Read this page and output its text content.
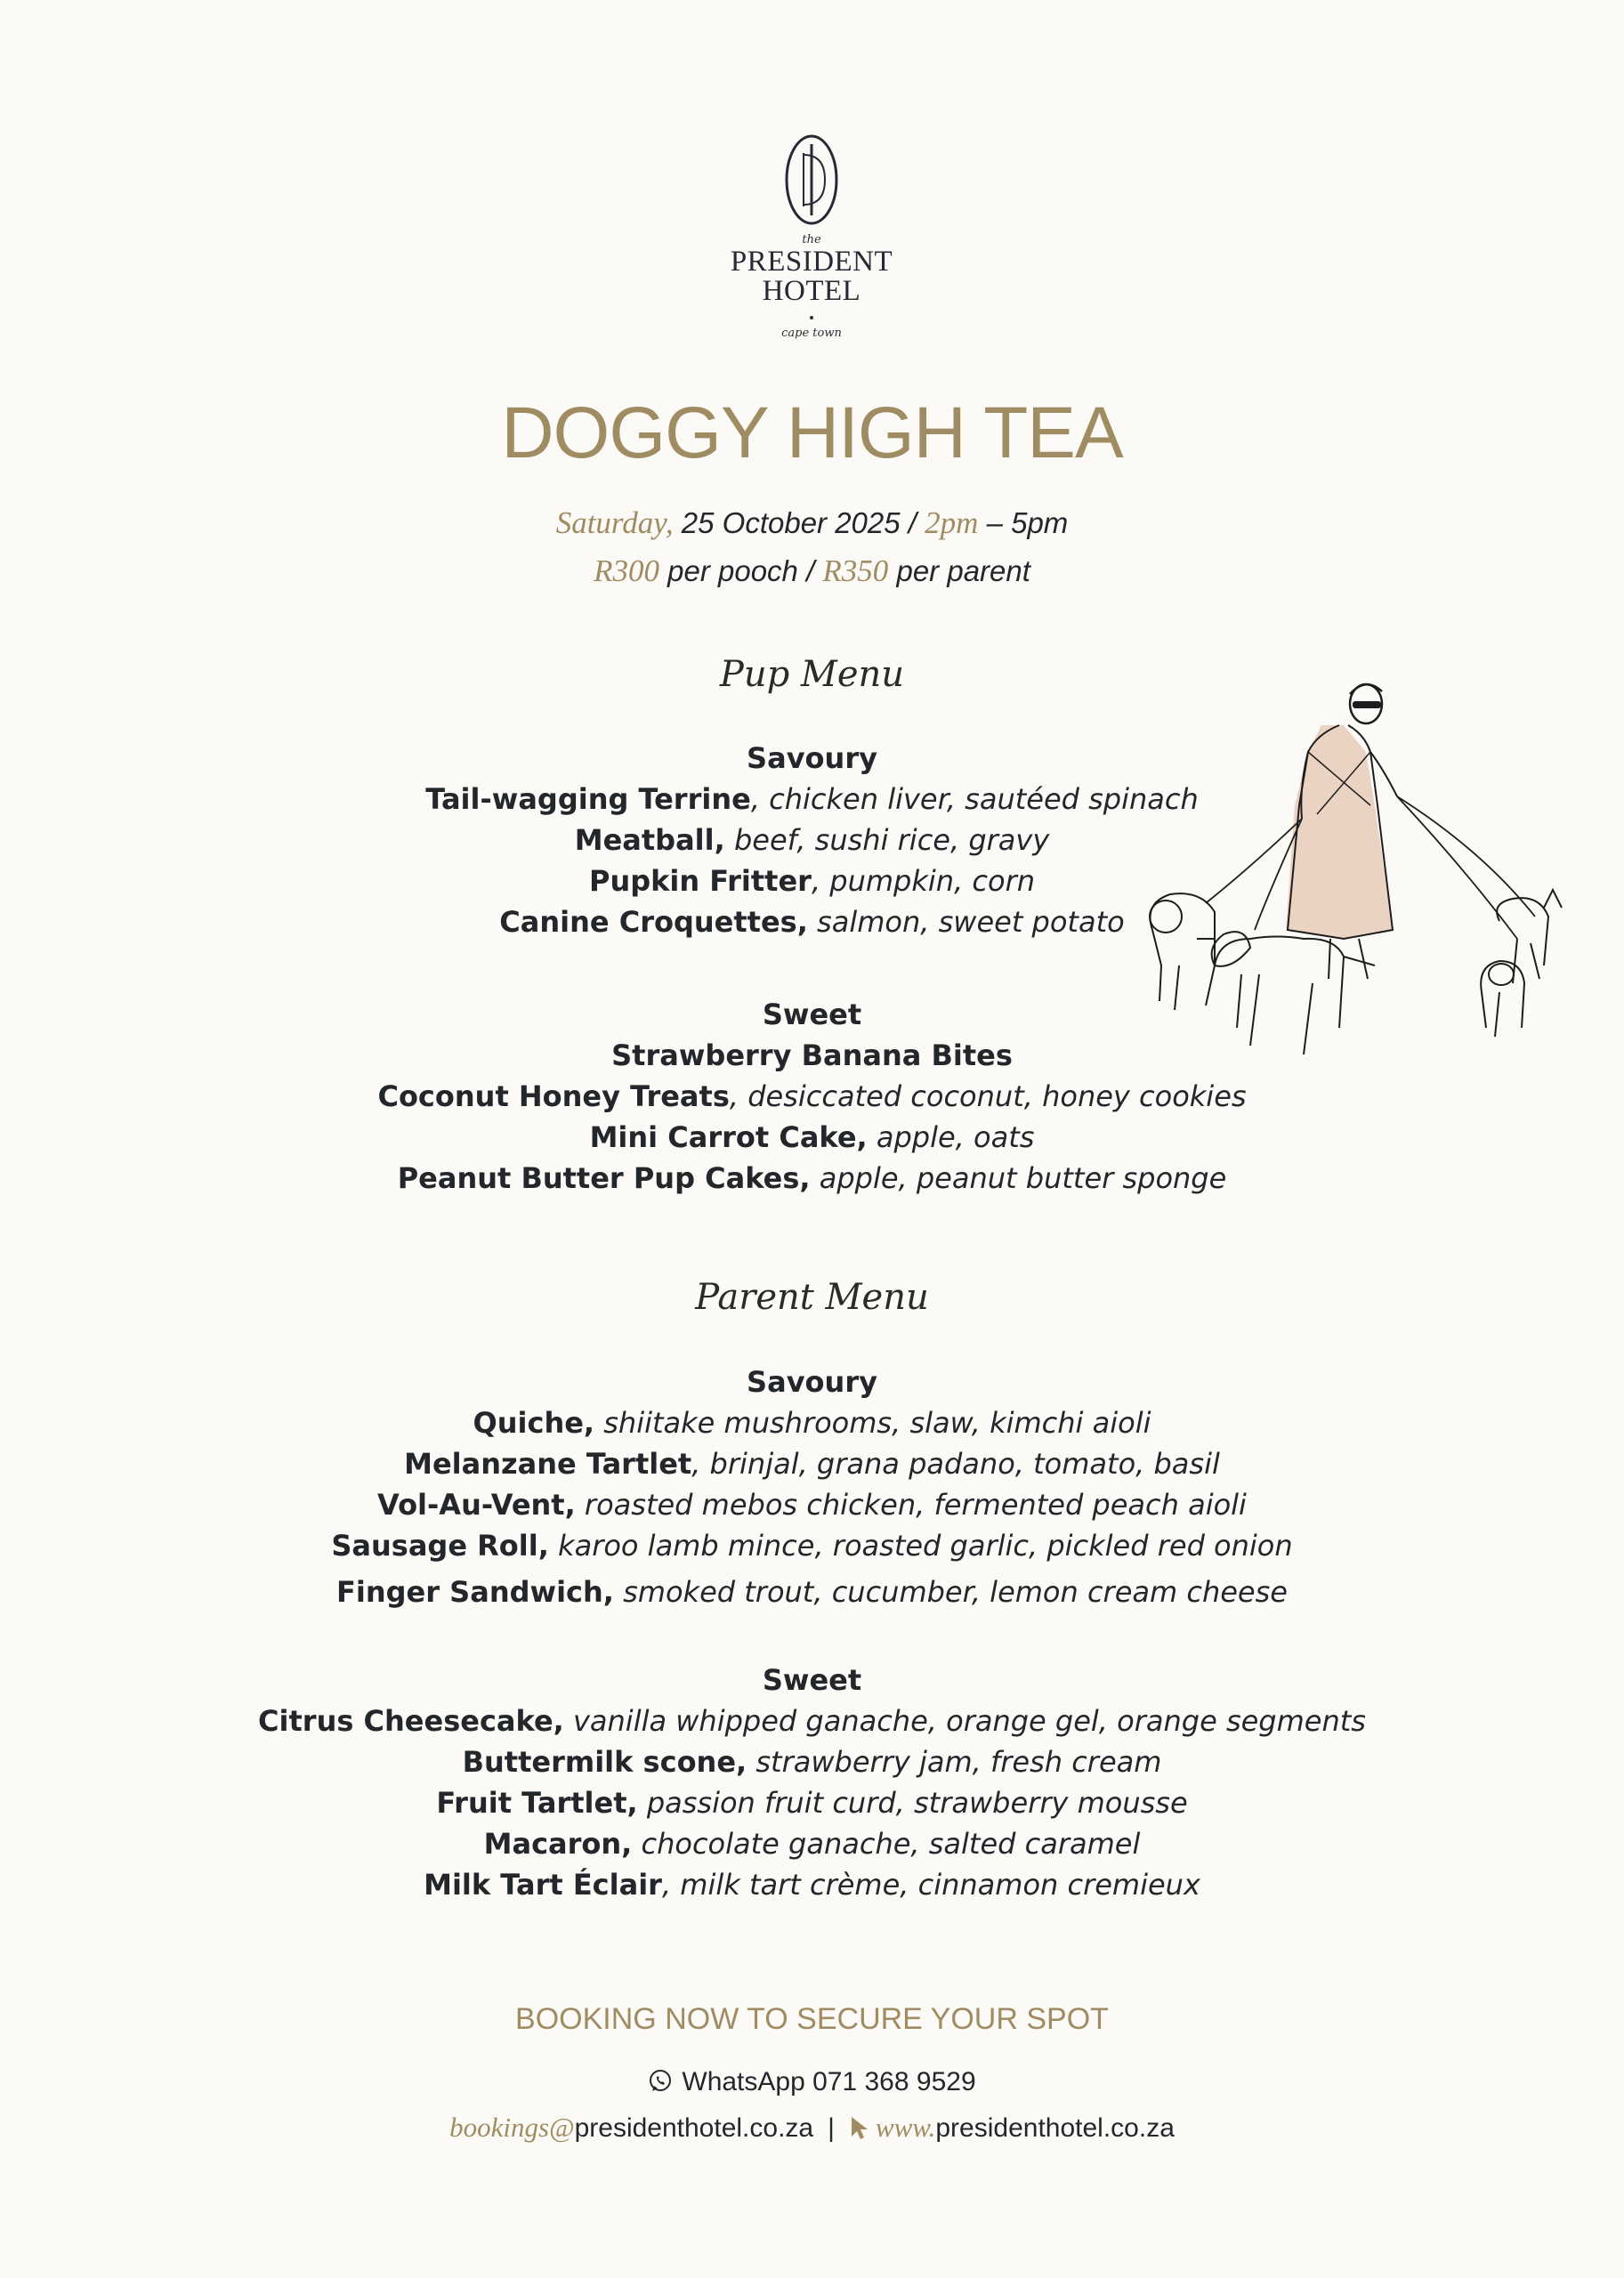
the
PRESIDENT
HOTEL
cape town
DOGGY HIGH TEA
Saturday, 25 October 2025 / 2pm – 5pm
R300 per pooch / R350 per parent
Pup Menu
Savoury
Tail-wagging Terrine, chicken liver, sautéed spinach
Meatball, beef, sushi rice, gravy
Pupkin Fritter, pumpkin, corn
Canine Croquettes, salmon, sweet potato
Sweet
Strawberry Banana Bites
Coconut Honey Treats, desiccated coconut, honey cookies
Mini Carrot Cake, apple, oats
Peanut Butter Pup Cakes, apple, peanut butter sponge
Parent Menu
Savoury
Quiche, shiitake mushrooms, slaw, kimchi aioli
Melanzane Tartlet, brinjal, grana padano, tomato, basil
Vol-Au-Vent, roasted mebos chicken, fermented peach aioli
Sausage Roll, karoo lamb mince, roasted garlic, pickled red onion
Finger Sandwich, smoked trout, cucumber, lemon cream cheese
Sweet
Citrus Cheesecake, vanilla whipped ganache, orange gel, orange segments
Buttermilk scone, strawberry jam, fresh cream
Fruit Tartlet, passion fruit curd, strawberry mousse
Macaron, chocolate ganache, salted caramel
Milk Tart Éclair, milk tart crème, cinnamon cremieux
BOOKING NOW TO SECURE YOUR SPOT
WhatsApp 071 368 9529
bookings@presidenthotel.co.za | www.presidenthotel.co.za
